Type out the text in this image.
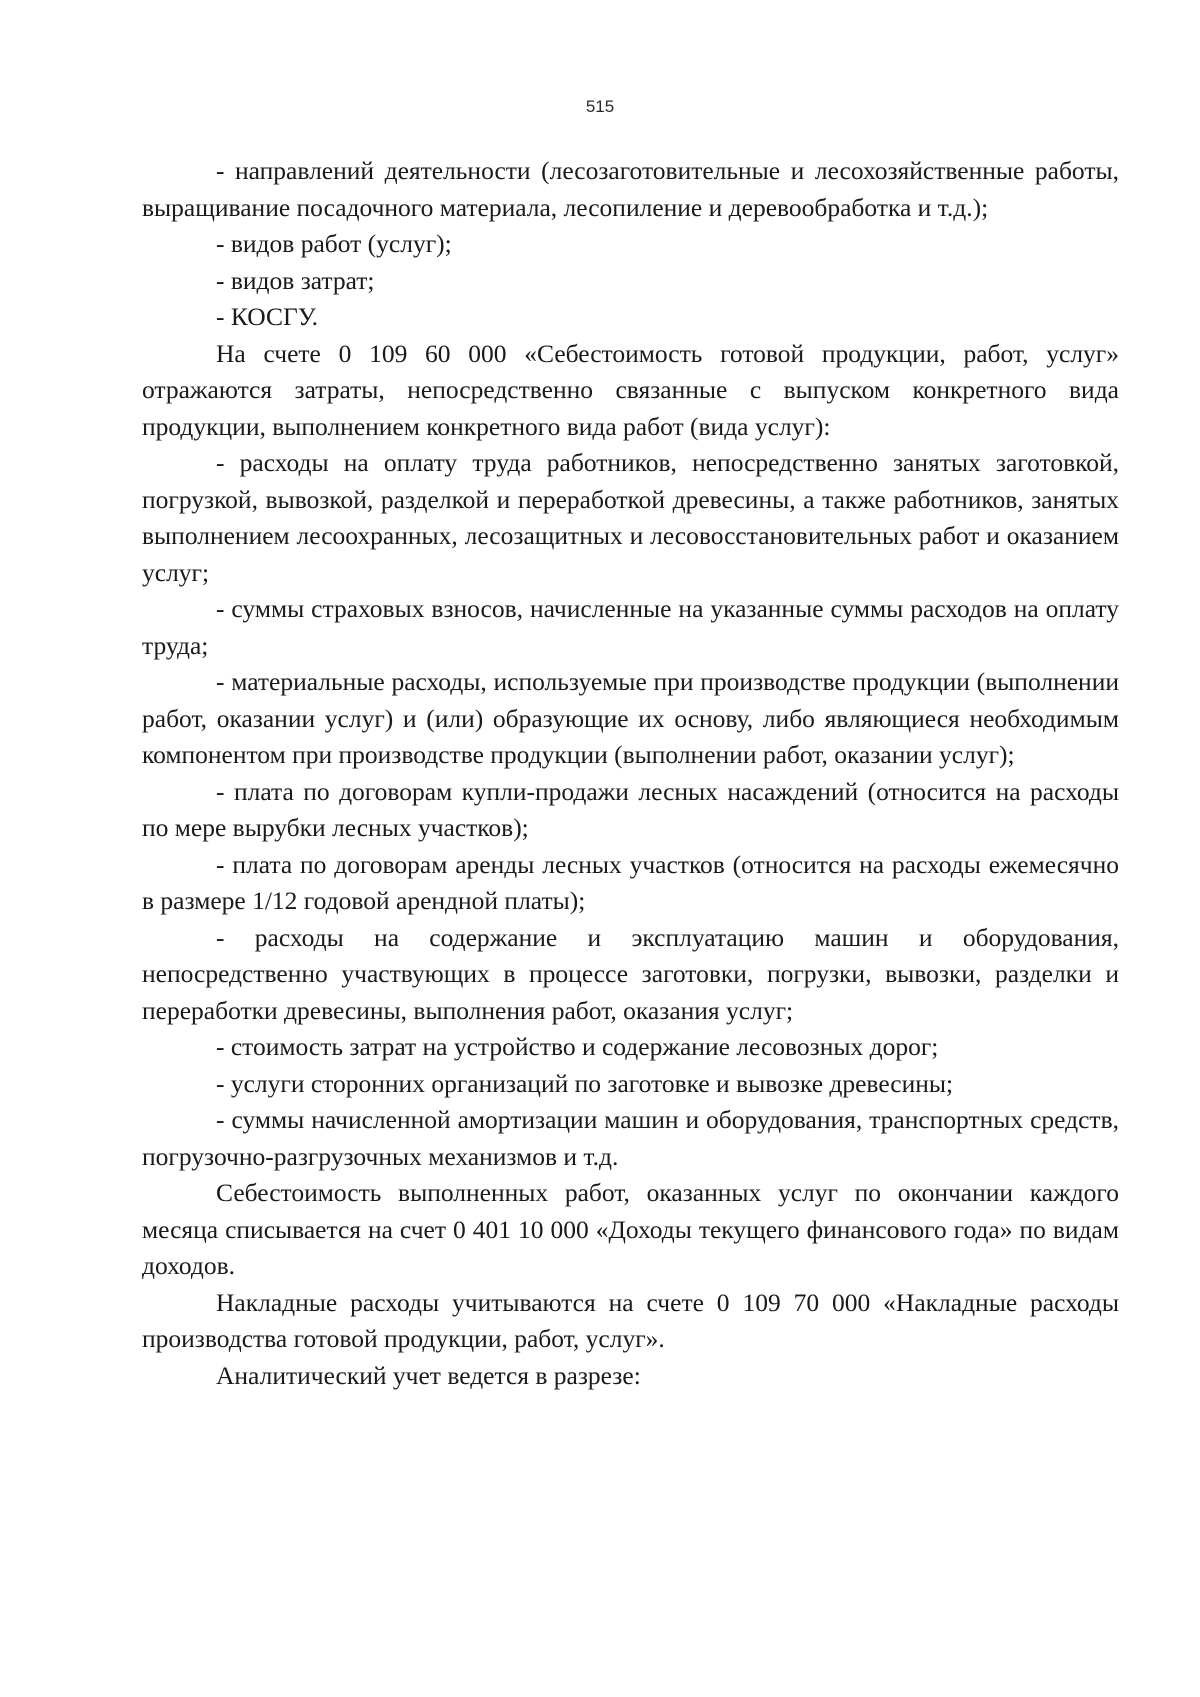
515

- направлений деятельности (лесозаготовительные и лесохозяйственные работы, выращивание посадочного материала, лесопиление и деревообработка и т.д.);

- видов работ (услуг);

- видов затрат;

- КОСГУ.

На счете 0 109 60 000 «Себестоимость готовой продукции, работ, услуг» отражаются затраты, непосредственно связанные с выпуском конкретного вида продукции, выполнением конкретного вида работ (вида услуг):

- расходы на оплату труда работников, непосредственно занятых заготовкой, погрузкой, вывозкой, разделкой и переработкой древесины, а также работников, занятых выполнением лесоохранных, лесозащитных и лесовосстановительных работ и оказанием услуг;

- суммы страховых взносов, начисленные на указанные суммы расходов на оплату труда;

- материальные расходы, используемые при производстве продукции (выполнении работ, оказании услуг) и (или) образующие их основу, либо являющиеся необходимым компонентом при производстве продукции (выполнении работ, оказании услуг);

- плата по договорам купли-продажи лесных насаждений (относится на расходы по мере вырубки лесных участков);

- плата по договорам аренды лесных участков (относится на расходы ежемесячно в размере 1/12 годовой арендной платы);

- расходы на содержание и эксплуатацию машин и оборудования, непосредственно участвующих в процессе заготовки, погрузки, вывозки, разделки и переработки древесины, выполнения работ, оказания услуг;

- стоимость затрат на устройство и содержание лесовозных дорог;

- услуги сторонних организаций по заготовке и вывозке древесины;

- суммы начисленной амортизации машин и оборудования, транспортных средств, погрузочно-разгрузочных механизмов и т.д.

Себестоимость выполненных работ, оказанных услуг по окончании каждого месяца списывается на счет 0 401 10 000 «Доходы текущего финансового года» по видам доходов.

Накладные расходы учитываются на счете 0 109 70 000 «Накладные расходы производства готовой продукции, работ, услуг».

Аналитический учет ведется в разрезе:
